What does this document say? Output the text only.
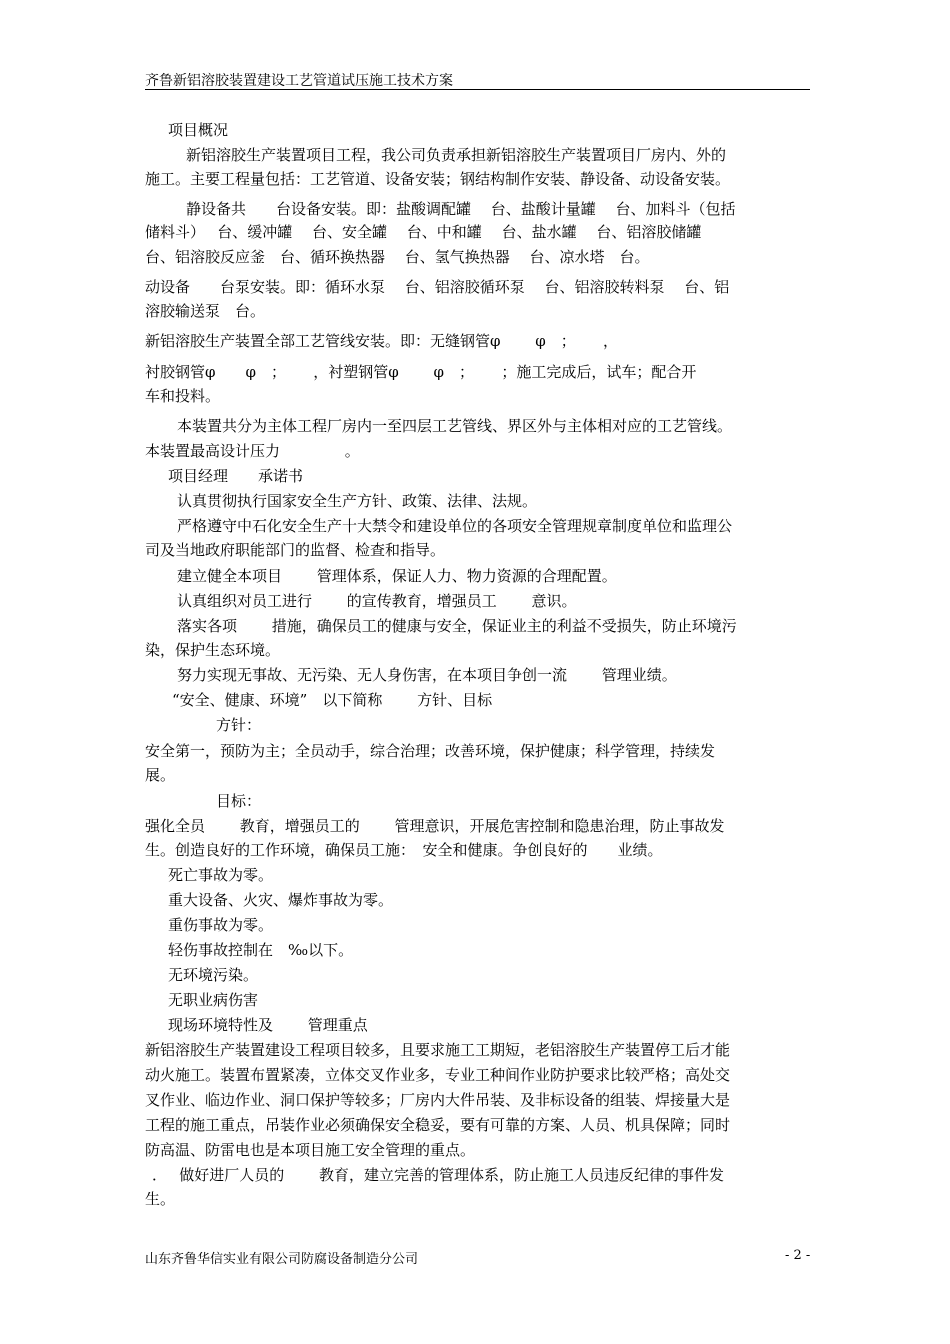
齐鲁新铝溶胶装置建设工艺管道试压施工技术方案
项目概况
新铝溶胶生产装置项目工程，我公司负责承担新铝溶胶生产装置项目厂房内、外的
施工。主要工程量包括：工艺管道、设备安装；钢结构制作安装、静设备、动设备安装。
静设备共　　台设备安装。即：盐酸调配罐　 台、盐酸计量罐　 台、加料斗（包括
储料斗）　 台、缓冲罐　 台、安全罐　 台、中和罐　 台、盐水罐　 台、铝溶胶储罐
台、铝溶胶反应釜　台、循环换热器　 台、氢气换热器　 台、凉水塔　台。
动设备　　台泵安装。即：循环水泵　 台、铝溶胶循环泵　 台、铝溶胶转料泵　 台、铝
溶胶输送泵　台。
新铝溶胶生产装置全部工艺管线安装。即：无缝钢管φ　　 φ　；　　 ，
衬胶钢管φ　　φ　；　　 ，衬塑钢管φ　　 φ　；　　 ；施工完成后，试车；配合开
车和投料。
本装置共分为主体工程厂房内一至四层工艺管线、界区外与主体相对应的工艺管线。
本装置最高设计压力　　　　 。
项目经理　　承诺书
认真贯彻执行国家安全生产方针、政策、法律、法规。
严格遵守中石化安全生产十大禁令和建设单位的各项安全管理规章制度单位和监理公
司及当地政府职能部门的监督、检查和指导。
建立健全本项目　　 管理体系，保证人力、物力资源的合理配置。
认真组织对员工进行　　 的宣传教育，增强员工　　 意识。
落实各项　　 措施，确保员工的健康与安全，保证业主的利益不受损失，防止环境污
染，保护生态环境。
努力实现无事故、无污染、无人身伤害，在本项目争创一流　　 管理业绩。
“安全、健康、环境”　以下简称　　 方针、目标
方针：
安全第一，预防为主；全员动手，综合治理；改善环境，保护健康；科学管理，持续发
展。
目标：
强化全员　　 教育，增强员工的　　 管理意识，开展危害控制和隐患治理，防止事故发
生。创造良好的工作环境，确保员工施：　安全和健康。争创良好的　　业绩。
死亡事故为零。
重大设备、火灾、爆炸事故为零。
重伤事故为零。
轻伤事故控制在　‰以下。
无环境污染。
无职业病伤害
现场环境特性及　　 管理重点
新铝溶胶生产装置建设工程项目较多，且要求施工工期短，老铝溶胶生产装置停工后才能
动火施工。装置布置紧凑，立体交叉作业多，专业工种间作业防护要求比较严格；高处交
叉作业、临边作业、洞口保护等较多；厂房内大件吊装、及非标设备的组装、焊接量大是
工程的施工重点，吊装作业必须确保安全稳妥，要有可靠的方案、人员、机具保障；同时
防高温、防雷电也是本项目施工安全管理的重点。
．　 做好进厂人员的　　 教育，建立完善的管理体系，防止施工人员违反纪律的事件发
生。
山东齐鲁华信实业有限公司防腐设备制造分公司	- 2 -
